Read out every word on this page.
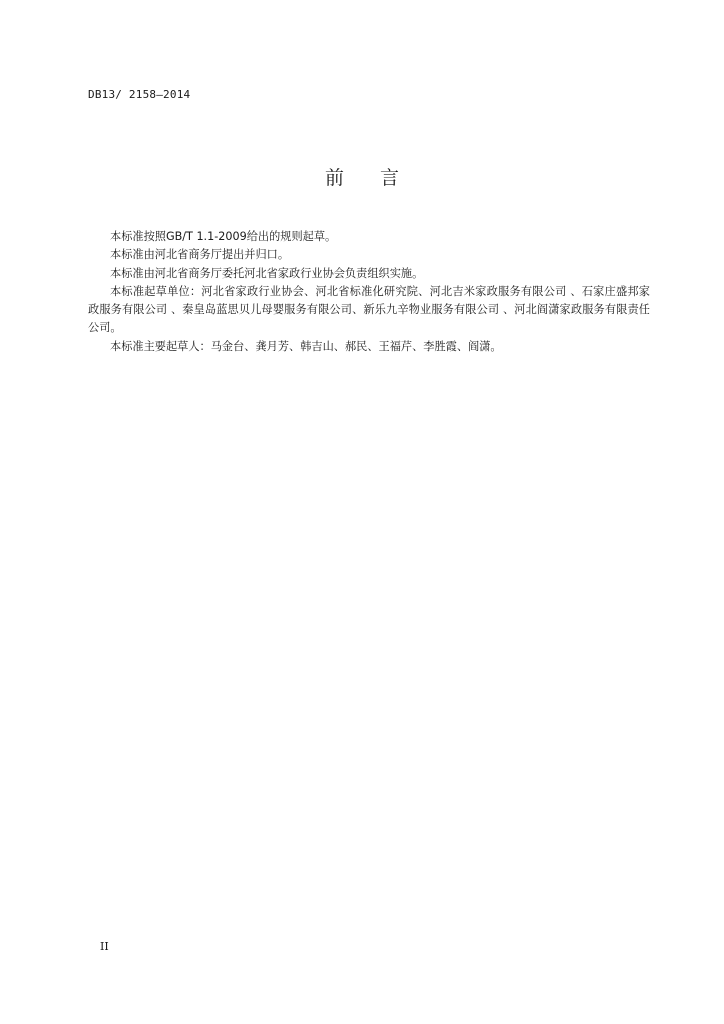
DB13/ 2158—2014
前言

本标准按照GB/T 1.1-2009给出的规则起草。

本标准由河北省商务厅提出并归口。

本标准由河北省商务厅委托河北省家政行业协会负责组织实施。

本标准起草单位：河北省家政行业协会、河北省标准化研究院、河北吉米家政服务有限公司 、石家庄盛邦家政服务有限公司 、秦皇岛蓝思贝儿母婴服务有限公司、新乐九辛物业服务有限公司 、河北阎潇家政服务有限责任公司。

本标准主要起草人：马金台、龚月芳、韩吉山、郝民、王福芹、李胜霞、阎潇。

II
